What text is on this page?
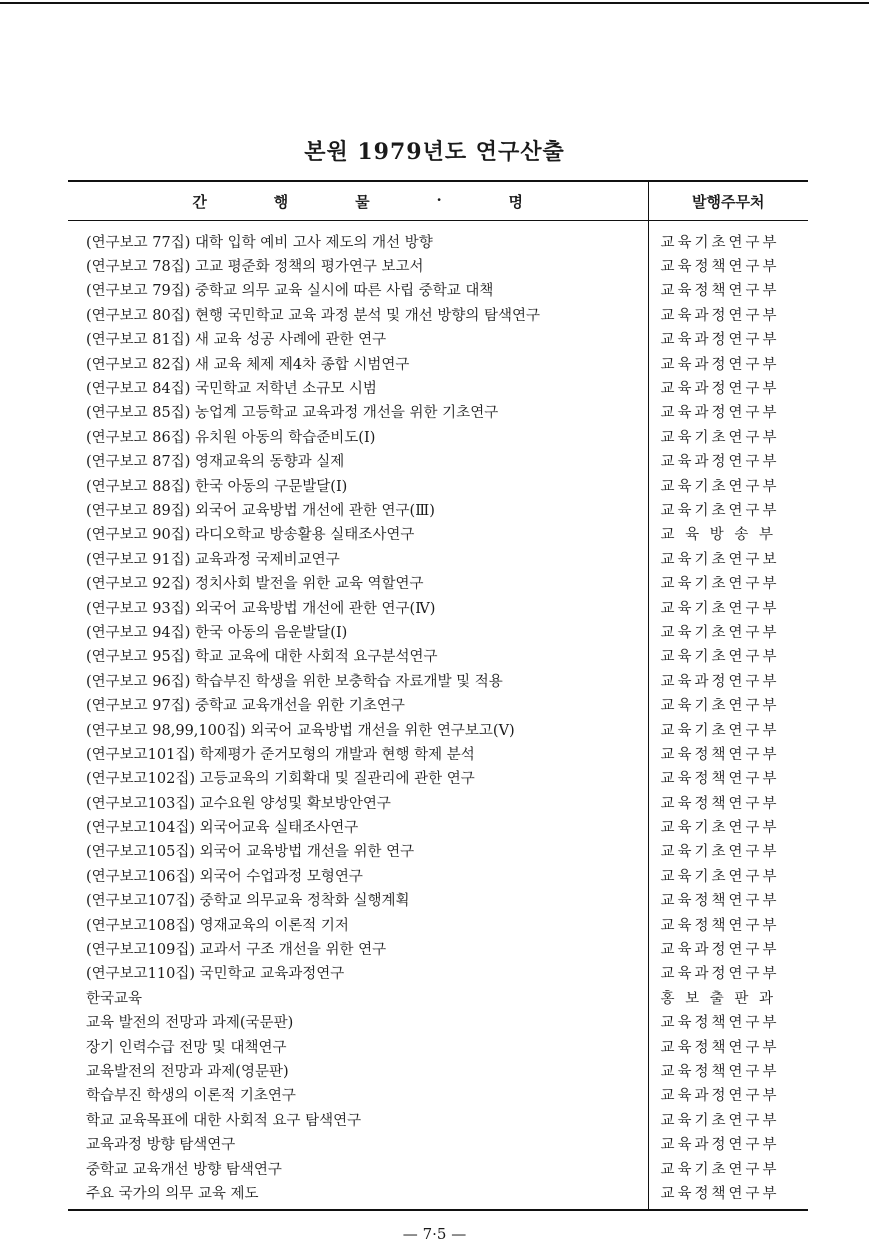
본원 1979년도 연구산출
간 행 물 · 명	발행주무처
(연구보고 77집) 대학 입학 예비 고사 제도의 개선 방향	교육기초연구부
(연구보고 78집) 고교 평준화 정책의 평가연구 보고서	교육정책연구부
(연구보고 79집) 중학교 의무 교육 실시에 따른 사립 중학교 대책	교육정책연구부
(연구보고 80집) 현행 국민학교 교육 과정 분석 및 개선 방향의 탐색연구	교육과정연구부
(연구보고 81집) 새 교육 성공 사례에 관한 연구	교육과정연구부
(연구보고 82집) 새 교육 체제 제4차 종합 시범연구	교육과정연구부
(연구보고 84집) 국민학교 저학년 소규모 시범	교육과정연구부
(연구보고 85집) 농업계 고등학교 교육과정 개선을 위한 기초연구	교육과정연구부
(연구보고 86집) 유치원 아동의 학습준비도(I)	교육기초연구부
(연구보고 87집) 영재교육의 동향과 실제	교육과정연구부
(연구보고 88집) 한국 아동의 구문발달(I)	교육기초연구부
(연구보고 89집) 외국어 교육방법 개선에 관한 연구(Ⅲ)	교육기초연구부
(연구보고 90집) 라디오학교 방송활용 실태조사연구	교 육 방 송 부
(연구보고 91집) 교육과정 국제비교연구	교육기초연구보
(연구보고 92집) 정치사회 발전을 위한 교육 역할연구	교육기초연구부
(연구보고 93집) 외국어 교육방법 개선에 관한 연구(Ⅳ)	교육기초연구부
(연구보고 94집) 한국 아동의 음운발달(I)	교육기초연구부
(연구보고 95집) 학교 교육에 대한 사회적 요구분석연구	교육기초연구부
(연구보고 96집) 학습부진 학생을 위한 보충학습 자료개발 및 적용	교육과정연구부
(연구보고 97집) 중학교 교육개선을 위한 기초연구	교육기초연구부
(연구보고 98,99,100집) 외국어 교육방법 개선을 위한 연구보고(V)	교육기초연구부
(연구보고101집) 학제평가 준거모형의 개발과 현행 학제 분석	교육정책연구부
(연구보고102집) 고등교육의 기회확대 및 질관리에 관한 연구	교육정책연구부
(연구보고103집) 교수요원 양성및 확보방안연구	교육정책연구부
(연구보고104집) 외국어교육 실태조사연구	교육기초연구부
(연구보고105집) 외국어 교육방법 개선을 위한 연구	교육기초연구부
(연구보고106집) 외국어 수업과정 모형연구	교육기초연구부
(연구보고107집) 중학교 의무교육 정착화 실행계획	교육정책연구부
(연구보고108집) 영재교육의 이론적 기저	교육정책연구부
(연구보고109집) 교과서 구조 개선을 위한 연구	교육과정연구부
(연구보고110집) 국민학교 교육과정연구	교육과정연구부
한국교육	홍 보 출 판 과
교육 발전의 전망과 과제(국문판)	교육정책연구부
장기 인력수급 전망 및 대책연구	교육정책연구부
교육발전의 전망과 과제(영문판)	교육정책연구부
학습부진 학생의 이론적 기초연구	교육과정연구부
학교 교육목표에 대한 사회적 요구 탐색연구	교육기초연구부
교육과정 방향 탐색연구	교육과정연구부
중학교 교육개선 방향 탐색연구	교육기초연구부
주요 국가의 의무 교육 제도	교육정책연구부
— 7·5 —
